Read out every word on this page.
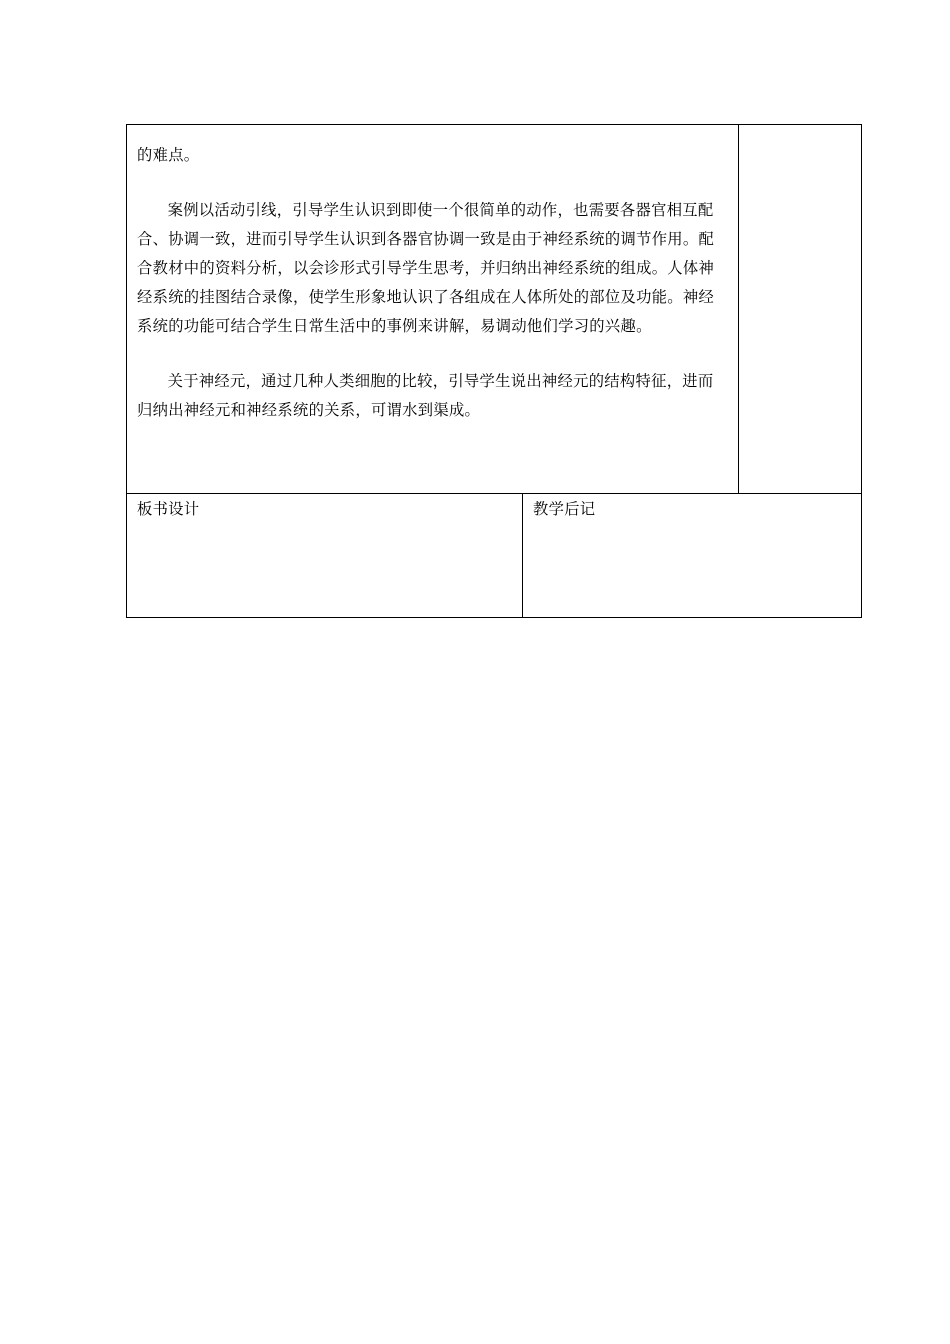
的难点。

案例以活动引线，引导学生认识到即使一个很简单的动作，也需要各器官相互配合、协调一致，进而引导学生认识到各器官协调一致是由于神经系统的调节作用。配合教材中的资料分析，以会诊形式引导学生思考，并归纳出神经系统的组成。人体神经系统的挂图结合录像，使学生形象地认识了各组成在人体所处的部位及功能。神经系统的功能可结合学生日常生活中的事例来讲解，易调动他们学习的兴趣。

关于神经元，通过几种人类细胞的比较，引导学生说出神经元的结构特征，进而归纳出神经元和神经系统的关系，可谓水到渠成。

板书设计	教学后记
